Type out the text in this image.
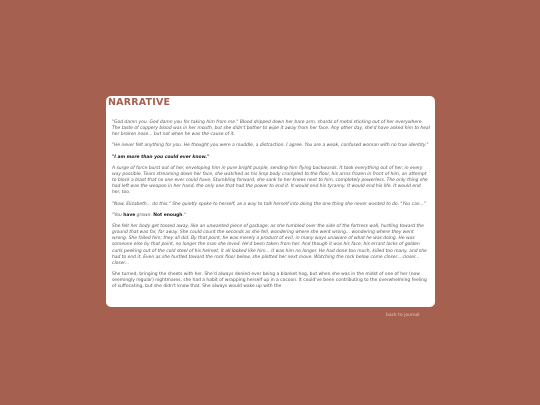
NARRATIVE

"God damn you. God damn you for taking him from me." Blood dripped down her bare arm, shards of metal sticking out of her everywhere. The taste of coppery blood was in her mouth, but she didn't bother to wipe it away from her face. Any other day, she'd have asked him to heal her broken nose... but not when he was the cause of it.

"He never felt anything for you. He thought you were a muddle, a distraction. I agree. You are a weak, confused woman with no true identity."

"I am more than you could ever know."

A surge of force burst out of her, enveloping him in pure bright purple, sending him flying backwards. It took everything out of her, in every way possible. Tears streaming down her face, she watched as his limp body crumpled to the floor, his arms frozen in front of him, an attempt to block a blast that no one ever could have. Stumbling forward, she sank to her knees next to him, completely powerless. The only thing she had left was the weapon in her hand, the only one that had the power to end it. It would end his tyranny. It would end his life. It would end her, too.

"Now, Elizabeth... do this." She quietly spoke to herself, as a way to talk herself into doing the one thing she never wanted to do. "You can..."

"You have grown. Not enough."

She felt her body get tossed away, like an unwanted piece of garbage, as she tumbled over the side of the fortress wall, hurtling toward the ground that was far, far away. She could count the seconds as she fell, wondering where she went wrong... wondering where they went wrong. She failed him; they all did. By that point, he was merely a product of evil, in many ways unaware of what he was doing. He was someone else by that point, no longer the man she loved. He'd been taken from her. And though it was his face, his errant locks of golden curls peeking out of the cold steel of his helmet, it all looked like him... it was him no longer. He had done too much, killed too many, and she had to end it. Even as she hurtled toward the rock floor below, she plotted her next move. Watching the rock below come closer... closer... closer...

She turned, bringing the sheets with her. She'd always denied ever being a blanket hog, but when she was in the midst of one of her (now seemingly regular) nightmares, she had a habit of wrapping herself up in a cocoon. It could've been contributing to the overwhelming feeling of suffocating, but she didn't know that. She always would wake up with the

back to journal
